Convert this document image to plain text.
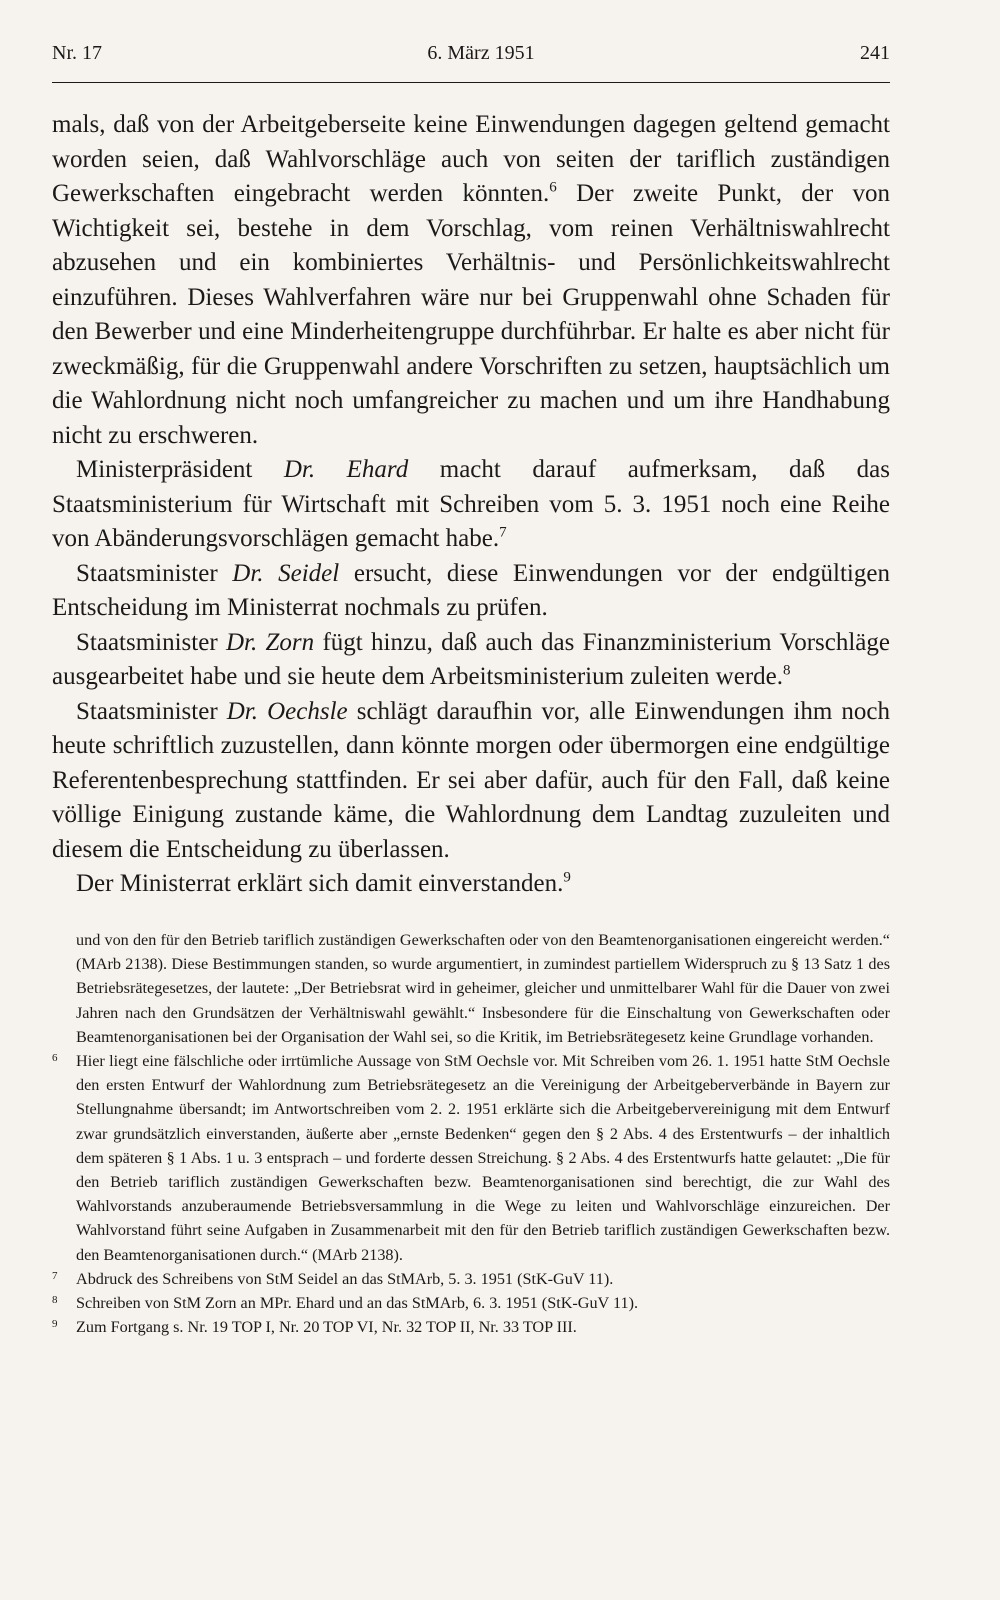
Nr. 17	6. März 1951	241

mals, daß von der Arbeitgeberseite keine Einwendungen dagegen geltend gemacht worden seien, daß Wahlvorschläge auch von seiten der tariflich zuständigen Gewerkschaften eingebracht werden könnten.$^6$ Der zweite Punkt, der von Wichtigkeit sei, bestehe in dem Vorschlag, vom reinen Verhältniswahlrecht abzusehen und ein kombiniertes Verhältnis- und Persönlichkeitswahlrecht einzuführen. Dieses Wahlverfahren wäre nur bei Gruppenwahl ohne Schaden für den Bewerber und eine Minderheitengruppe durchführbar. Er halte es aber nicht für zweckmäßig, für die Gruppenwahl andere Vorschriften zu setzen, hauptsächlich um die Wahlordnung nicht noch umfangreicher zu machen und um ihre Handhabung nicht zu erschweren.

Ministerpräsident Dr. Ehard macht darauf aufmerksam, daß das Staatsministerium für Wirtschaft mit Schreiben vom 5. 3. 1951 noch eine Reihe von Abänderungsvorschlägen gemacht habe.$^7$

Staatsminister Dr. Seidel ersucht, diese Einwendungen vor der endgültigen Entscheidung im Ministerrat nochmals zu prüfen.

Staatsminister Dr. Zorn fügt hinzu, daß auch das Finanzministerium Vorschläge ausgearbeitet habe und sie heute dem Arbeitsministerium zuleiten werde.$^8$

Staatsminister Dr. Oechsle schlägt daraufhin vor, alle Einwendungen ihm noch heute schriftlich zuzustellen, dann könnte morgen oder übermorgen eine endgültige Referentenbesprechung stattfinden. Er sei aber dafür, auch für den Fall, daß keine völlige Einigung zustande käme, die Wahlordnung dem Landtag zuzuleiten und diesem die Entscheidung zu überlassen.

Der Ministerrat erklärt sich damit einverstanden.$^9$

und von den für den Betrieb tariflich zuständigen Gewerkschaften oder von den Beamtenorganisationen eingereicht werden.“ (MArb 2138). Diese Bestimmungen standen, so wurde argumentiert, in zumindest partiellem Widerspruch zu § 13 Satz 1 des Betriebsrätegesetzes, der lautete: „Der Betriebsrat wird in geheimer, gleicher und unmittelbarer Wahl für die Dauer von zwei Jahren nach den Grundsätzen der Verhältniswahl gewählt.“ Insbesondere für die Einschaltung von Gewerkschaften oder Beamtenorganisationen bei der Organisation der Wahl sei, so die Kritik, im Betriebsrätegesetz keine Grundlage vorhanden.

6	Hier liegt eine fälschliche oder irrtümliche Aussage von StM Oechsle vor. Mit Schreiben vom 26. 1. 1951 hatte StM Oechsle den ersten Entwurf der Wahlordnung zum Betriebsrätegesetz an die Vereinigung der Arbeitgeberverbände in Bayern zur Stellungnahme übersandt; im Antwortschreiben vom 2. 2. 1951 erklärte sich die Arbeitgebervereinigung mit dem Entwurf zwar grundsätzlich einverstanden, äußerte aber „ernste Bedenken“ gegen den § 2 Abs. 4 des Erstentwurfs – der inhaltlich dem späteren § 1 Abs. 1 u. 3 entsprach – und forderte dessen Streichung. § 2 Abs. 4 des Erstentwurfs hatte gelautet: „Die für den Betrieb tariflich zuständigen Gewerkschaften bezw. Beamtenorganisationen sind berechtigt, die zur Wahl des Wahlvorstands anzuberaumende Betriebsversammlung in die Wege zu leiten und Wahlvorschläge einzureichen. Der Wahlvorstand führt seine Aufgaben in Zusammenarbeit mit den für den Betrieb tariflich zuständigen Gewerkschaften bezw. den Beamtenorganisationen durch.“ (MArb 2138).
7	Abdruck des Schreibens von StM Seidel an das StMArb, 5. 3. 1951 (StK-GuV 11).
8	Schreiben von StM Zorn an MPr. Ehard und an das StMArb, 6. 3. 1951 (StK-GuV 11).
9	Zum Fortgang s. Nr. 19 TOP I, Nr. 20 TOP VI, Nr. 32 TOP II, Nr. 33 TOP III.
